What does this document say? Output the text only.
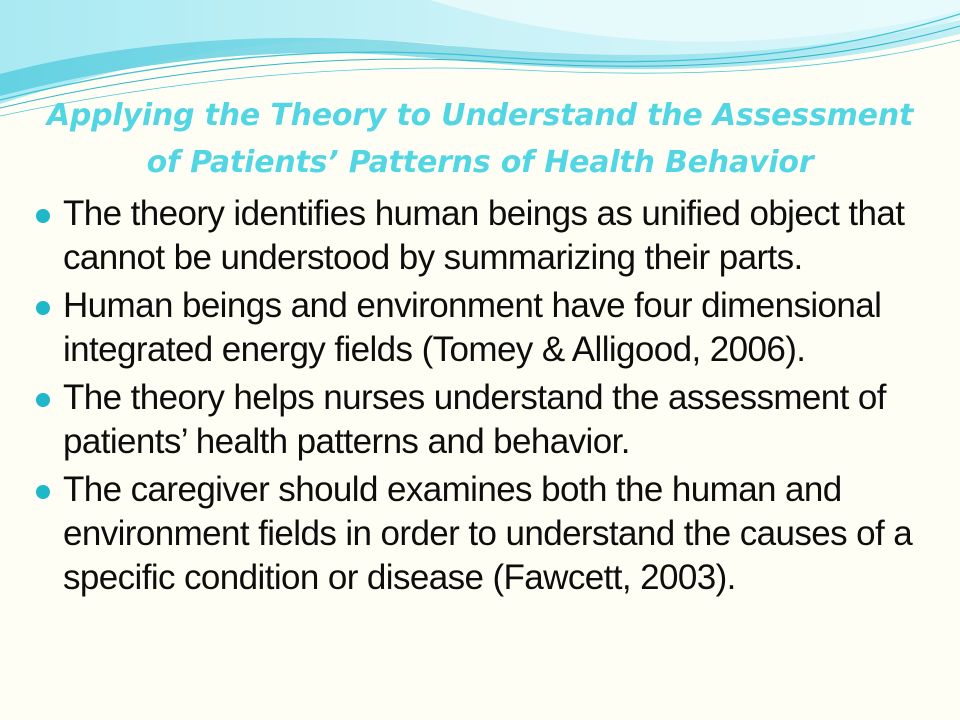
Applying the Theory to Understand the Assessment
of Patients’ Patterns of Health Behavior
The theory identifies human beings as unified object that cannot be understood by summarizing their parts.
Human beings and environment have four dimensional integrated energy fields (Tomey & Alligood, 2006).
The theory helps nurses understand the assessment of patients’ health patterns and behavior.
The caregiver should examines both the human and environment fields in order to understand the causes of a specific condition or disease (Fawcett, 2003).
